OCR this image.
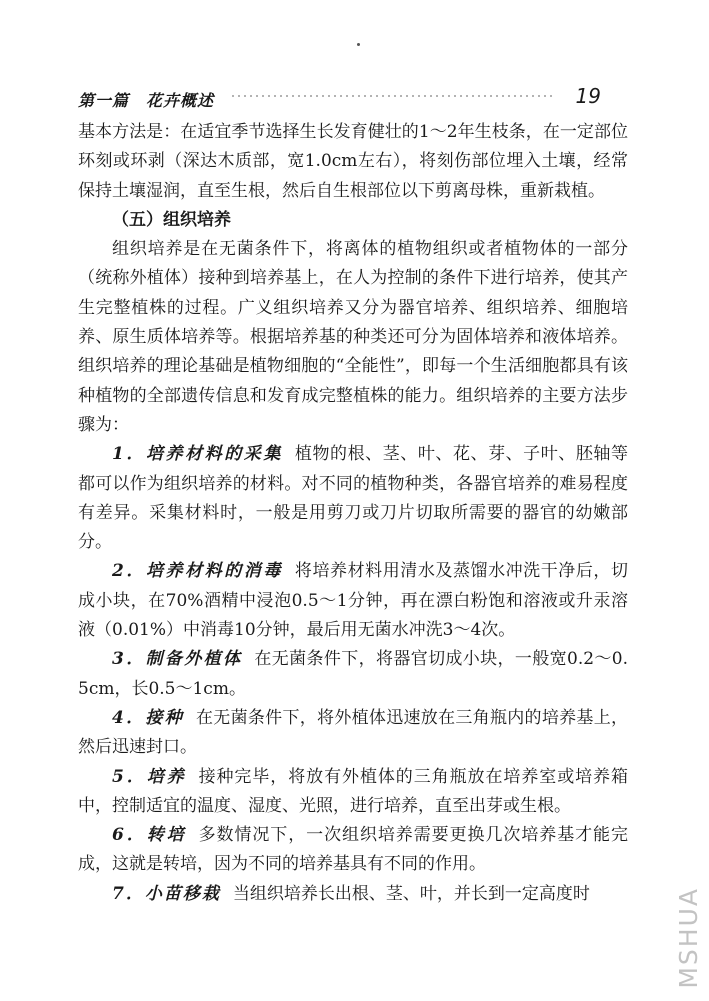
第一篇　花卉概述	19

基本方法是：在适宜季节选择生长发育健壮的1～2年生枝条，在一定部位环刻或环剥（深达木质部，宽1.0cm左右），将刻伤部位埋入土壤，经常保持土壤湿润，直至生根，然后自生根部位以下剪离母株，重新栽植。

（五）组织培养

组织培养是在无菌条件下，将离体的植物组织或者植物体的一部分（统称外植体）接种到培养基上，在人为控制的条件下进行培养，使其产生完整植株的过程。广义组织培养又分为器官培养、组织培养、细胞培养、原生质体培养等。根据培养基的种类还可分为固体培养和液体培养。组织培养的理论基础是植物细胞的“全能性”，即每一个生活细胞都具有该种植物的全部遗传信息和发育成完整植株的能力。组织培养的主要方法步骤为：

1．培养材料的采集 植物的根、茎、叶、花、芽、子叶、胚轴等都可以作为组织培养的材料。对不同的植物种类，各器官培养的难易程度有差异。采集材料时，一般是用剪刀或刀片切取所需要的器官的幼嫩部分。

2．培养材料的消毒 将培养材料用清水及蒸馏水冲洗干净后，切成小块，在70%酒精中浸泡0.5～1分钟，再在漂白粉饱和溶液或升汞溶液（0.01%）中消毒10分钟，最后用无菌水冲洗3～4次。

3．制备外植体 在无菌条件下，将器官切成小块，一般宽0.2～0.5cm，长0.5～1cm。

4．接种 在无菌条件下，将外植体迅速放在三角瓶内的培养基上，然后迅速封口。

5．培养 接种完毕，将放有外植体的三角瓶放在培养室或培养箱中，控制适宜的温度、湿度、光照，进行培养，直至出芽或生根。

6．转培 多数情况下，一次组织培养需要更换几次培养基才能完成，这就是转培，因为不同的培养基具有不同的作用。

7．小苗移栽 当组织培养长出根、茎、叶，并长到一定高度时	MSHUA
